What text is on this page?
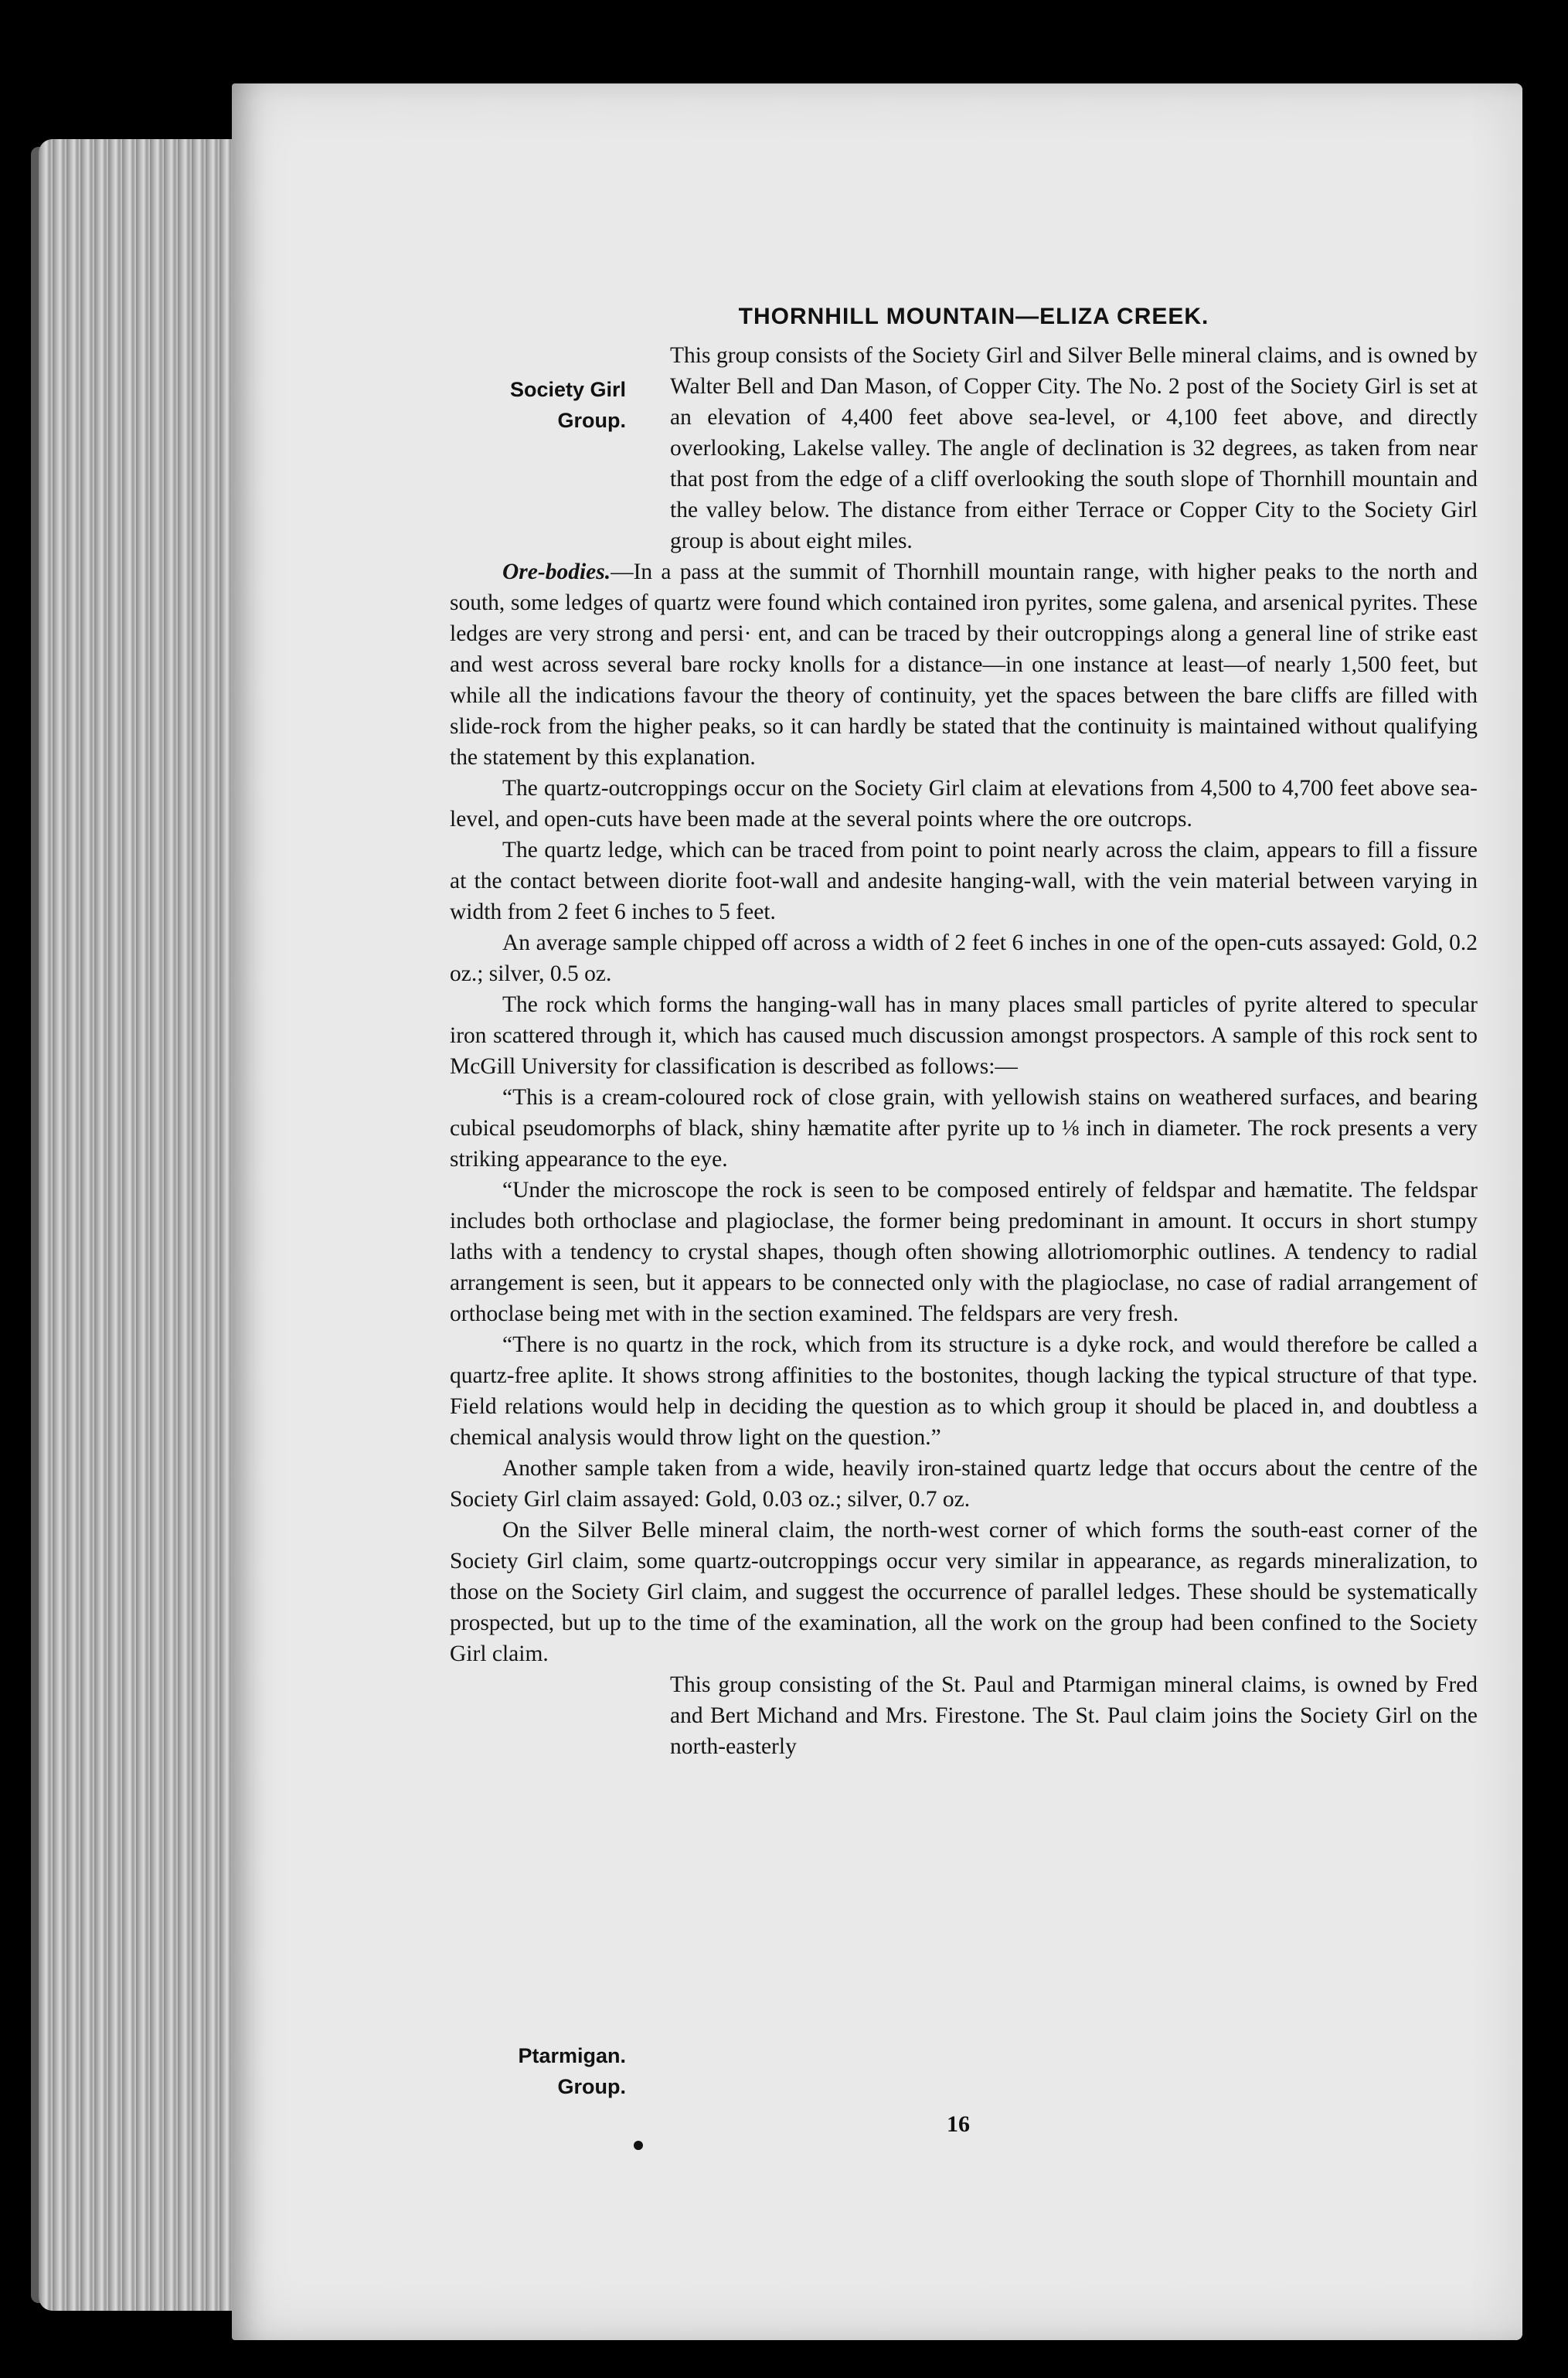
THORNHILL MOUNTAIN—ELIZA CREEK.
Society Girl
Group.
Ptarmigan.
Group.

This group consists of the Society Girl and Silver Belle mineral claims, and is owned by Walter Bell and Dan Mason, of Copper City. The No. 2 post of the Society Girl is set at an elevation of 4,400 feet above sea-level, or 4,100 feet above, and directly overlooking, Lakelse valley. The angle of declination is 32 degrees, as taken from near that post from the edge of a cliff overlooking the south slope of Thornhill mountain and the valley below. The distance from either Terrace or Copper City to the Society Girl group is about eight miles.

Ore-bodies.—In a pass at the summit of Thornhill mountain range, with higher peaks to the north and south, some ledges of quartz were found which contained iron pyrites, some galena, and arsenical pyrites. These ledges are very strong and persi· ent, and can be traced by their outcroppings along a general line of strike east and west across several bare rocky knolls for a distance—in one instance at least—of nearly 1,500 feet, but while all the indications favour the theory of continuity, yet the spaces between the bare cliffs are filled with slide-rock from the higher peaks, so it can hardly be stated that the continuity is maintained without qualifying the statement by this explanation.

The quartz-outcroppings occur on the Society Girl claim at elevations from 4,500 to 4,700 feet above sea-level, and open-cuts have been made at the several points where the ore outcrops.

The quartz ledge, which can be traced from point to point nearly across the claim, appears to fill a fissure at the contact between diorite foot-wall and andesite hanging-wall, with the vein material between varying in width from 2 feet 6 inches to 5 feet.

An average sample chipped off across a width of 2 feet 6 inches in one of the open-cuts assayed: Gold, 0.2 oz.; silver, 0.5 oz.

The rock which forms the hanging-wall has in many places small particles of pyrite altered to specular iron scattered through it, which has caused much discussion amongst prospectors. A sample of this rock sent to McGill University for classification is described as follows:—

“This is a cream-coloured rock of close grain, with yellowish stains on weathered surfaces, and bearing cubical pseudomorphs of black, shiny hæmatite after pyrite up to ⅛ inch in diameter. The rock presents a very striking appearance to the eye.

“Under the microscope the rock is seen to be composed entirely of feldspar and hæmatite. The feldspar includes both orthoclase and plagioclase, the former being predominant in amount. It occurs in short stumpy laths with a tendency to crystal shapes, though often showing allotriomorphic outlines. A tendency to radial arrangement is seen, but it appears to be connected only with the plagioclase, no case of radial arrangement of orthoclase being met with in the section examined. The feldspars are very fresh.

“There is no quartz in the rock, which from its structure is a dyke rock, and would therefore be called a quartz-free aplite. It shows strong affinities to the bostonites, though lacking the typical structure of that type. Field relations would help in deciding the question as to which group it should be placed in, and doubtless a chemical analysis would throw light on the question.”

Another sample taken from a wide, heavily iron-stained quartz ledge that occurs about the centre of the Society Girl claim assayed: Gold, 0.03 oz.; silver, 0.7 oz.

On the Silver Belle mineral claim, the north-west corner of which forms the south-east corner of the Society Girl claim, some quartz-outcroppings occur very similar in appearance, as regards mineralization, to those on the Society Girl claim, and suggest the occurrence of parallel ledges. These should be systematically prospected, but up to the time of the examination, all the work on the group had been confined to the Society Girl claim.

This group consisting of the St. Paul and Ptarmigan mineral claims, is owned by Fred and Bert Michand and Mrs. Firestone. The St. Paul claim joins the Society Girl on the north-easterly

16
